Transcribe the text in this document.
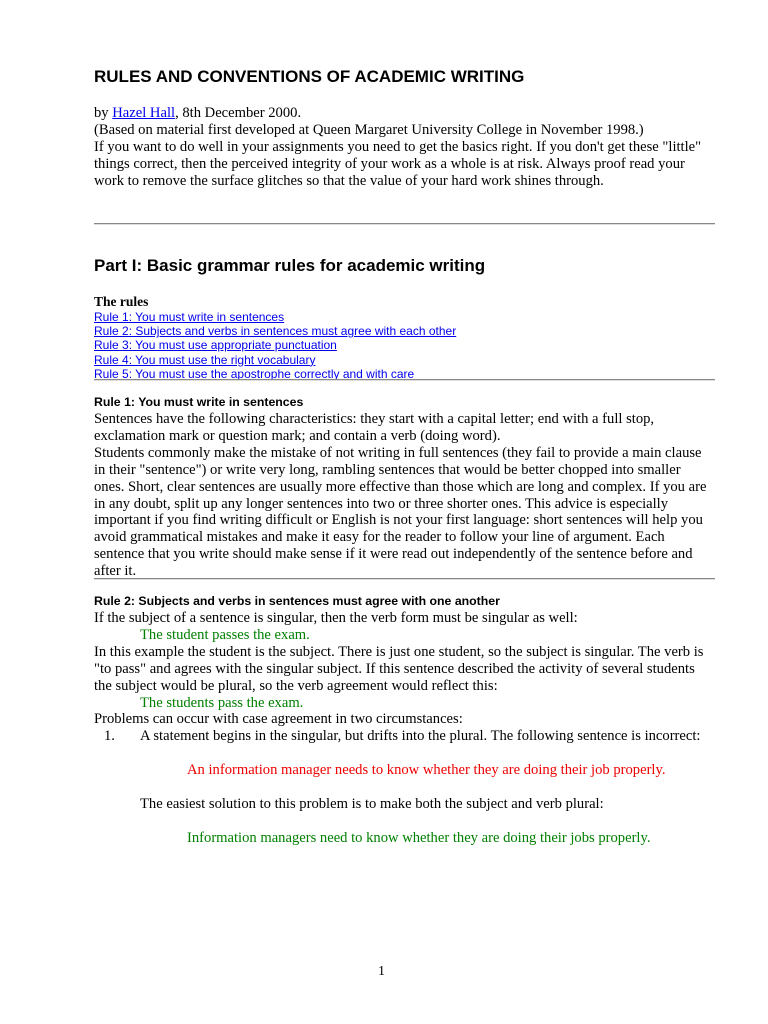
RULES AND CONVENTIONS OF ACADEMIC WRITING

by Hazel Hall, 8th December 2000.

(Based on material first developed at Queen Margaret University College in November 1998.)

If you want to do well in your assignments you need to get the basics right. If you don't get these "little" things correct, then the perceived integrity of your work as a whole is at risk. Always proof read your work to remove the surface glitches so that the value of your hard work shines through.

Part I: Basic grammar rules for academic writing

The rules

Rule 1: You must write in sentences
Rule 2: Subjects and verbs in sentences must agree with each other
Rule 3: You must use appropriate punctuation
Rule 4: You must use the right vocabulary
Rule 5: You must use the apostrophe correctly and with care
Rule 1: You must write in sentences

Sentences have the following characteristics: they start with a capital letter; end with a full stop, exclamation mark or question mark; and contain a verb (doing word).

Students commonly make the mistake of not writing in full sentences (they fail to provide a main clause in their "sentence") or write very long, rambling sentences that would be better chopped into smaller ones. Short, clear sentences are usually more effective than those which are long and complex. If you are in any doubt, split up any longer sentences into two or three shorter ones. This advice is especially important if you find writing difficult or English is not your first language: short sentences will help you avoid grammatical mistakes and make it easy for the reader to follow your line of argument. Each sentence that you write should make sense if it were read out independently of the sentence before and after it.

Rule 2: Subjects and verbs in sentences must agree with one another

If the subject of a sentence is singular, then the verb form must be singular as well:

The student passes the exam.

In this example the student is the subject. There is just one student, so the subject is singular. The verb is "to pass" and agrees with the singular subject. If this sentence described the activity of several students the subject would be plural, so the verb agreement would reflect this:

The students pass the exam.

Problems can occur with case agreement in two circumstances:

1.	A statement begins in the singular, but drifts into the plural. The following sentence is incorrect:

An information manager needs to know whether they are doing their job properly.

The easiest solution to this problem is to make both the subject and verb plural:

Information managers need to know whether they are doing their jobs properly.

1
